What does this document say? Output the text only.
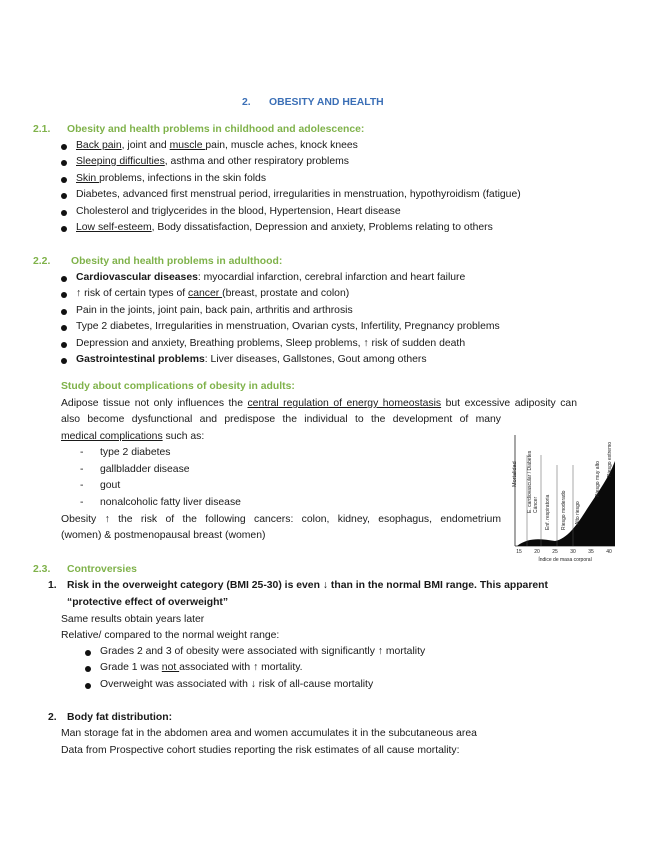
2. OBESITY AND HEALTH
2.1. Obesity and health problems in childhood and adolescence:
Back pain, joint and muscle pain, muscle aches, knock knees
Sleeping difficulties, asthma and other respiratory problems
Skin problems, infections in the skin folds
Diabetes, advanced first menstrual period, irregularities in menstruation, hypothyroidism (fatigue)
Cholesterol and triglycerides in the blood, Hypertension, Heart disease
Low self-esteem, Body dissatisfaction, Depression and anxiety, Problems relating to others
2.2. Obesity and health problems in adulthood:
Cardiovascular diseases: myocardial infarction, cerebral infarction and heart failure
↑ risk of certain types of cancer (breast, prostate and colon)
Pain in the joints, joint pain, back pain, arthritis and arthrosis
Type 2 diabetes, Irregularities in menstruation, Ovarian cysts, Infertility, Pregnancy problems
Depression and anxiety, Breathing problems, Sleep problems, ↑ risk of sudden death
Gastrointestinal problems: Liver diseases, Gallstones, Gout among others
Study about complications of obesity in adults:
Adipose tissue not only influences the central regulation of energy homeostasis but excessive adiposity can
also become dysfunctional and predispose the individual to the development of many
medical complications such as:
- type 2 diabetes
- gallbladder disease
- gout
- nonalcoholic fatty liver disease
Obesity ↑ the risk of the following cancers: colon, kidney, esophagus, endometrium
(women) & postmenopausal breast (women)
Mortalidad E. cardiovascular / Diabetes Cáncer Enf. respiratoria Riesgo moderado Alto riesgo
Riesgo muy alto
Riesgo extremo
15 20 25 30 35 40
Índice de masa corporal
2.3. Controversies
1. Risk in the overweight category (BMI 25-30) is even ↓ than in the normal BMI range. This apparent
“protective effect of overweight”
Same results obtain years later
Relative/ compared to the normal weight range:
Grades 2 and 3 of obesity were associated with significantly ↑ mortality
Grade 1 was not associated with ↑ mortality.
Overweight was associated with ↓ risk of all-cause mortality
2. Body fat distribution:
Man storage fat in the abdomen area and women accumulates it in the subcutaneous area
Data from Prospective cohort studies reporting the risk estimates of all cause mortality:
